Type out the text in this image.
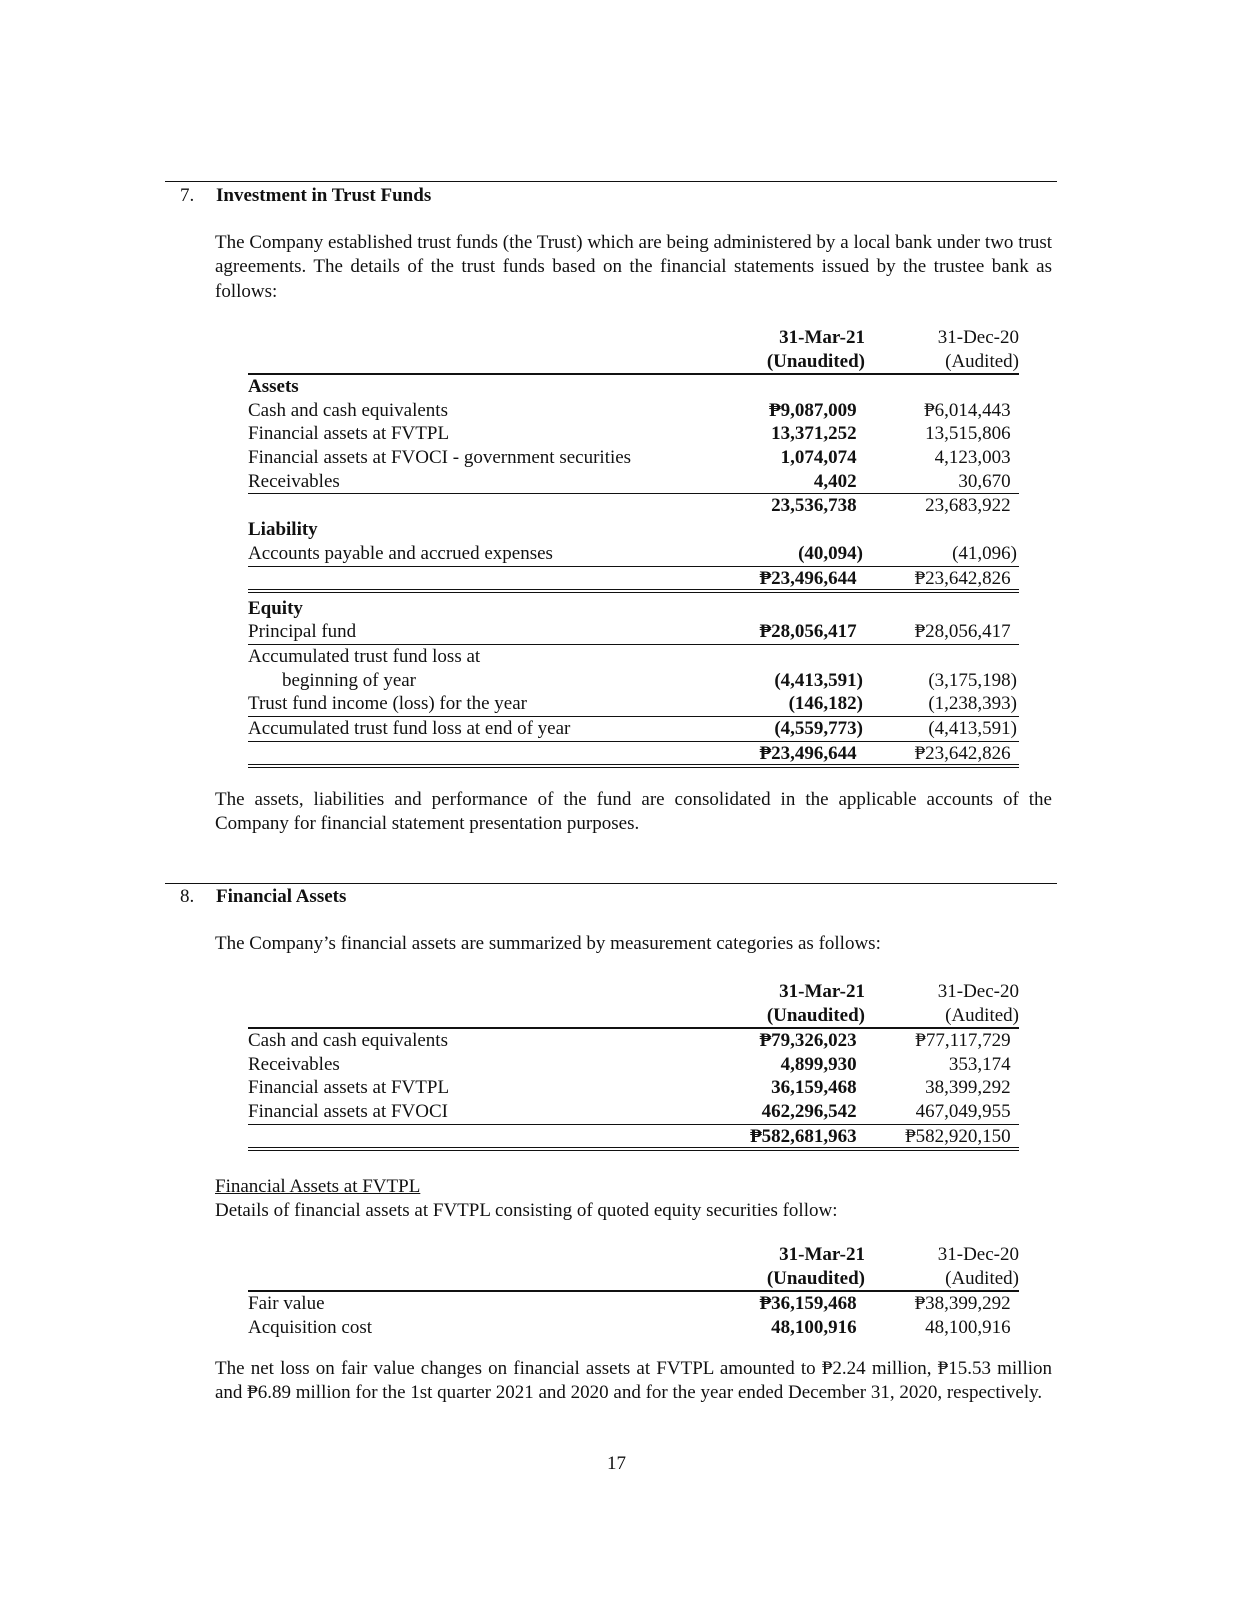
7. Investment in Trust Funds
The Company established trust funds (the Trust) which are being administered by a local bank under two trust agreements. The details of the trust funds based on the financial statements issued by the trustee bank as follows:
31-Mar-21
(Unaudited)
31-Dec-20
(Audited)
Assets
Cash and cash equivalents	₱9,087,009	₱6,014,443
Financial assets at FVTPL	13,371,252	13,515,806
Financial assets at FVOCI - government securities	1,074,074	4,123,003
Receivables	4,402	30,670
23,536,738	23,683,922
Liability
Accounts payable and accrued expenses	(40,094)	(41,096)
₱23,496,644	₱23,642,826
Equity
Principal fund	₱28,056,417	₱28,056,417
Accumulated trust fund loss at
beginning of year	(4,413,591)	(3,175,198)
Trust fund income (loss) for the year	(146,182)	(1,238,393)
Accumulated trust fund loss at end of year	(4,559,773)	(4,413,591)
₱23,496,644	₱23,642,826
The assets, liabilities and performance of the fund are consolidated in the applicable accounts of the Company for financial statement presentation purposes.
8. Financial Assets
The Company’s financial assets are summarized by measurement categories as follows:
31-Mar-21
(Unaudited)
31-Dec-20
(Audited)
Cash and cash equivalents	₱79,326,023	₱77,117,729
Receivables	4,899,930	353,174
Financial assets at FVTPL	36,159,468	38,399,292
Financial assets at FVOCI	462,296,542	467,049,955
₱582,681,963	₱582,920,150
Financial Assets at FVTPL
Details of financial assets at FVTPL consisting of quoted equity securities follow:
31-Mar-21
(Unaudited)
31-Dec-20
(Audited)
Fair value	₱36,159,468	₱38,399,292
Acquisition cost	48,100,916	48,100,916
The net loss on fair value changes on financial assets at FVTPL amounted to ₱2.24 million, ₱15.53 million and ₱6.89 million for the 1st quarter 2021 and 2020 and for the year ended December 31, 2020, respectively.
17
